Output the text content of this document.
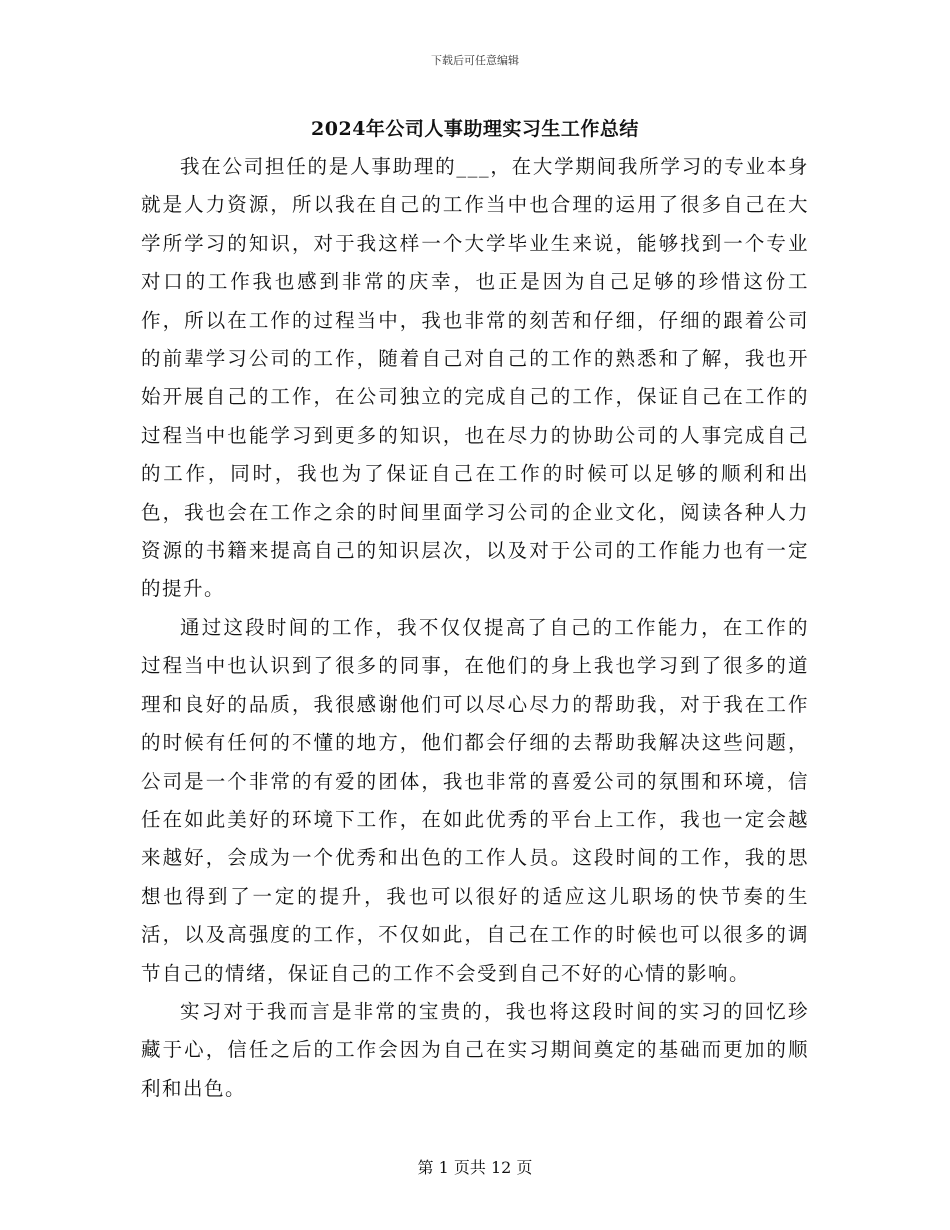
下载后可任意编辑
2024年公司人事助理实习生工作总结

我在公司担任的是人事助理的___，在大学期间我所学习的专业本身就是人力资源，所以我在自己的工作当中也合理的运用了很多自己在大学所学习的知识，对于我这样一个大学毕业生来说，能够找到一个专业对口的工作我也感到非常的庆幸，也正是因为自己足够的珍惜这份工作，所以在工作的过程当中，我也非常的刻苦和仔细，仔细的跟着公司的前辈学习公司的工作，随着自己对自己的工作的熟悉和了解，我也开始开展自己的工作，在公司独立的完成自己的工作，保证自己在工作的过程当中也能学习到更多的知识，也在尽力的协助公司的人事完成自己的工作，同时，我也为了保证自己在工作的时候可以足够的顺利和出色，我也会在工作之余的时间里面学习公司的企业文化，阅读各种人力资源的书籍来提高自己的知识层次，以及对于公司的工作能力也有一定的提升。

通过这段时间的工作，我不仅仅提高了自己的工作能力，在工作的过程当中也认识到了很多的同事，在他们的身上我也学习到了很多的道理和良好的品质，我很感谢他们可以尽心尽力的帮助我，对于我在工作的时候有任何的不懂的地方，他们都会仔细的去帮助我解决这些问题，公司是一个非常的有爱的团体，我也非常的喜爱公司的氛围和环境，信任在如此美好的环境下工作，在如此优秀的平台上工作，我也一定会越来越好，会成为一个优秀和出色的工作人员。这段时间的工作，我的思想也得到了一定的提升，我也可以很好的适应这儿职场的快节奏的生活，以及高强度的工作，不仅如此，自己在工作的时候也可以很多的调节自己的情绪，保证自己的工作不会受到自己不好的心情的影响。

实习对于我而言是非常的宝贵的，我也将这段时间的实习的回忆珍藏于心，信任之后的工作会因为自己在实习期间奠定的基础而更加的顺利和出色。

第 1 页共 12 页
